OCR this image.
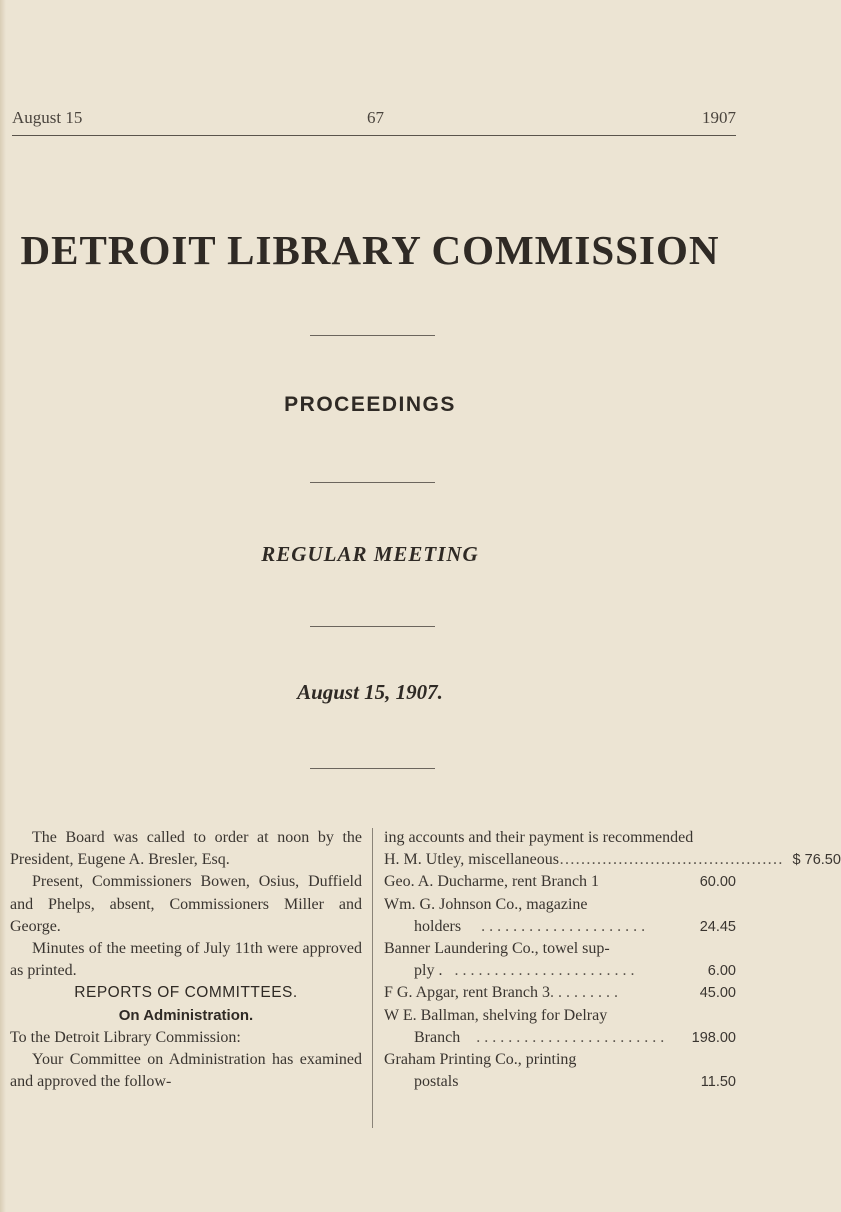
August 15	67	1907
DETROIT LIBRARY COMMISSION
PROCEEDINGS
REGULAR MEETING
August 15, 1907.

The Board was called to order at noon by the President, Eugene A. Bresler, Esq.

Present, Commissioners Bowen, Osius, Duffield and Phelps, absent, Commissioners Miller and George.

Minutes of the meeting of July 11th were approved as printed.

REPORTS OF COMMITTEES.

On Administration.

To the Detroit Library Commission:

Your Committee on Administration has examined and approved the follow-

ing accounts and their payment is recommended

H. M. Utley, miscellaneous …………………………………… $ 76.50

Geo. A. Ducharme, rent Branch 1	60.00

Wm. G. Johnson Co., magazine

holders . . . . . . . . . . . . . . . . . . . . .	24.45

Banner Laundering Co., towel sup-

ply . . . . . . . . . . . . . . . . . . . . . . . .	6.00

F G. Apgar, rent Branch 3 . . . . . . . . .	45.00

W E. Ballman, shelving for Delray

Branch . . . . . . . . . . . . . . . . . . . . . . . .	198.00

Graham Printing Co., printing

postals
	11.50
